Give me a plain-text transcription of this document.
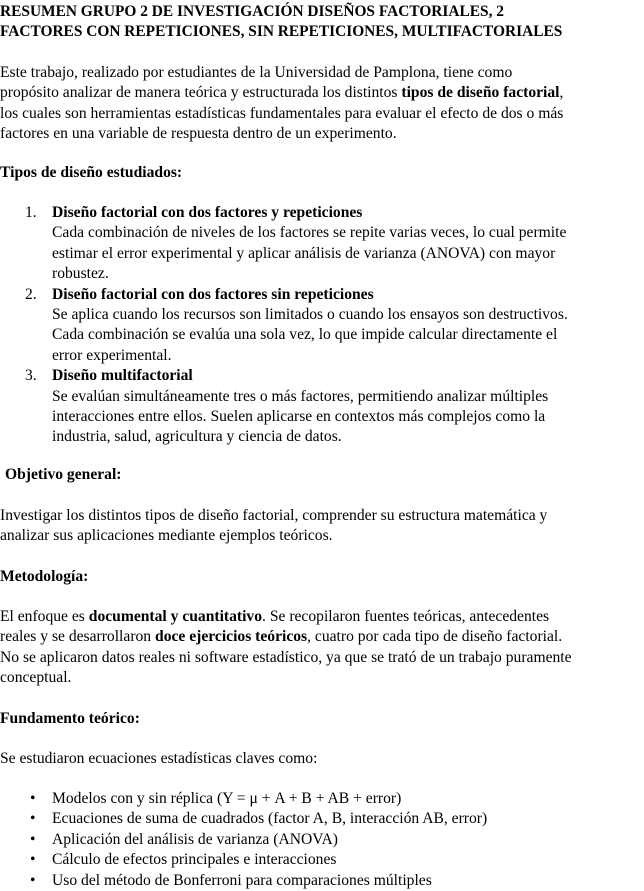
RESUMEN GRUPO 2 DE INVESTIGACIÓN DISEÑOS FACTORIALES, 2
FACTORES CON REPETICIONES, SIN REPETICIONES, MULTIFACTORIALES
Este trabajo, realizado por estudiantes de la Universidad de Pamplona, tiene como
propósito analizar de manera teórica y estructurada los distintos tipos de diseño factorial,
los cuales son herramientas estadísticas fundamentales para evaluar el efecto de dos o más
factores en una variable de respuesta dentro de un experimento.
Tipos de diseño estudiados:
1. Diseño factorial con dos factores y repeticiones
Cada combinación de niveles de los factores se repite varias veces, lo cual permite
estimar el error experimental y aplicar análisis de varianza (ANOVA) con mayor
robustez.
2. Diseño factorial con dos factores sin repeticiones
Se aplica cuando los recursos son limitados o cuando los ensayos son destructivos.
Cada combinación se evalúa una sola vez, lo que impide calcular directamente el
error experimental.
3. Diseño multifactorial
Se evalúan simultáneamente tres o más factores, permitiendo analizar múltiples
interacciones entre ellos. Suelen aplicarse en contextos más complejos como la
industria, salud, agricultura y ciencia de datos.
Objetivo general:
Investigar los distintos tipos de diseño factorial, comprender su estructura matemática y
analizar sus aplicaciones mediante ejemplos teóricos.
Metodología:
El enfoque es documental y cuantitativo. Se recopilaron fuentes teóricas, antecedentes
reales y se desarrollaron doce ejercicios teóricos, cuatro por cada tipo de diseño factorial.
No se aplicaron datos reales ni software estadístico, ya que se trató de un trabajo puramente
conceptual.
Fundamento teórico:
Se estudiaron ecuaciones estadísticas claves como:
• Modelos con y sin réplica (Y = μ + A + B + AB + error)
• Ecuaciones de suma de cuadrados (factor A, B, interacción AB, error)
• Aplicación del análisis de varianza (ANOVA)
• Cálculo de efectos principales e interacciones
• Uso del método de Bonferroni para comparaciones múltiples
